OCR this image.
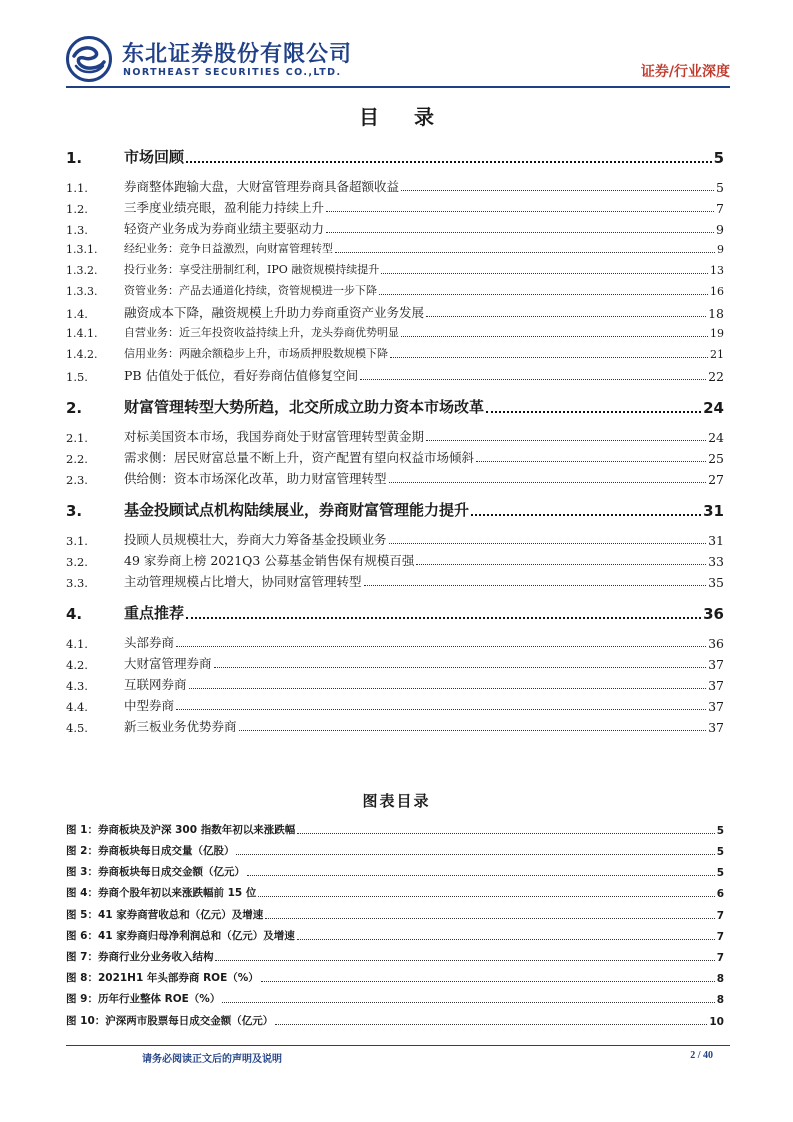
东北证券股份有限公司
NORTHEAST SECURITIES CO.,LTD.	证券/行业深度
目 录
1.	市场回顾	5
1.1.	券商整体跑输大盘，大财富管理券商具备超额收益	5
1.2.	三季度业绩亮眼，盈利能力持续上升	7
1.3.	轻资产业务成为券商业绩主要驱动力	9
1.3.1.	经纪业务：竞争日益激烈，向财富管理转型	9
1.3.2.	投行业务：享受注册制红利，IPO 融资规模持续提升	13
1.3.3.	资管业务：产品去通道化持续，资管规模进一步下降	16
1.4.	融资成本下降，融资规模上升助力券商重资产业务发展	18
1.4.1.	自营业务：近三年投资收益持续上升，龙头券商优势明显	19
1.4.2.	信用业务：两融余额稳步上升，市场质押股数规模下降	21
1.5.	PB 估值处于低位，看好券商估值修复空间	22
2.	财富管理转型大势所趋，北交所成立助力资本市场改革	24
2.1.	对标美国资本市场，我国券商处于财富管理转型黄金期	24
2.2.	需求侧：居民财富总量不断上升，资产配置有望向权益市场倾斜	25
2.3.	供给侧：资本市场深化改革，助力财富管理转型	27
3.	基金投顾试点机构陆续展业，券商财富管理能力提升	31
3.1.	投顾人员规模壮大，券商大力筹备基金投顾业务	31
3.2.	49 家券商上榜 2021Q3 公募基金销售保有规模百强	33
3.3.	主动管理规模占比增大，协同财富管理转型	35
4.	重点推荐	36
4.1.	头部券商	36
4.2.	大财富管理券商	37
4.3.	互联网券商	37
4.4.	中型券商	37
4.5.	新三板业务优势券商	37
图表目录
图 1：券商板块及沪深 300 指数年初以来涨跌幅	5
图 2：券商板块每日成交量（亿股）	5
图 3：券商板块每日成交金额（亿元）	5
图 4：券商个股年初以来涨跌幅前 15 位	6
图 5：41 家券商营收总和（亿元）及增速	7
图 6：41 家券商归母净利润总和（亿元）及增速	7
图 7：券商行业分业务收入结构	7
图 8：2021H1 年头部券商 ROE（%）	8
图 9：历年行业整体 ROE（%）	8
图 10：沪深两市股票每日成交金额（亿元）	10
请务必阅读正文后的声明及说明	2 / 40
